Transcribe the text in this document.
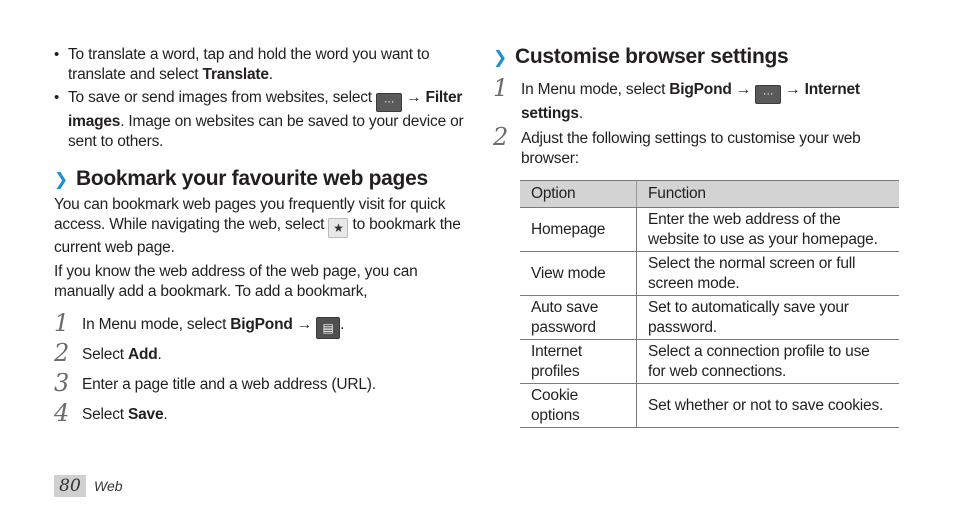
• To translate a word, tap and hold the word you want to translate and select Translate.

• To save or send images from websites, select ··· → Filter images. Image on websites can be saved to your device or sent to others.

❯ Bookmark your favourite web pages

You can bookmark web pages you frequently visit for quick access. While navigating the web, select ★ to bookmark the current web page.

If you know the web address of the web page, you can manually add a bookmark. To add a bookmark,

1 In Menu mode, select BigPond → ▤ .

2 Select Add.

3 Enter a page title and a web address (URL).

4 Select Save.

❯ Customise browser settings
1 In Menu mode, select BigPond → ··· → Internet settings.

2 Adjust the following settings to customise your web browser:

Option	Function
Homepage	Enter the web address of the website to use as your homepage.
View mode	Select the normal screen or full screen mode.
Auto save password	Set to automatically save your password.
Internet profiles	Select a connection profile to use for web connections.
Cookie options	Set whether or not to save cookies.
80 Web
